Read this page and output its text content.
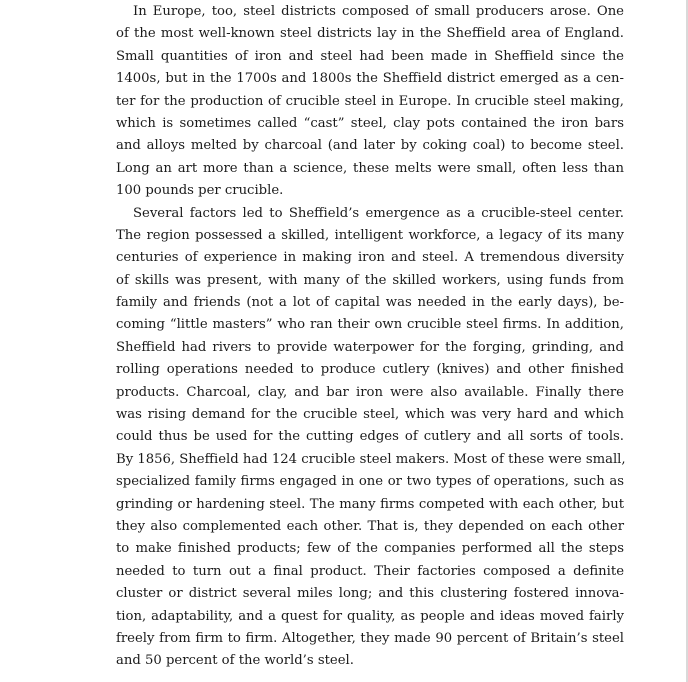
In Europe, too, steel districts composed of small producers arose. One
of the most well-known steel districts lay in the Sheffield area of England.
Small quantities of iron and steel had been made in Sheffield since the
1400s, but in the 1700s and 1800s the Sheffield district emerged as a cen-
ter for the production of crucible steel in Europe. In crucible steel making,
which is sometimes called “cast” steel, clay pots contained the iron bars
and alloys melted by charcoal (and later by coking coal) to become steel.
Long an art more than a science, these melts were small, often less than
100 pounds per crucible.
Several factors led to Sheffield’s emergence as a crucible-steel center.
The region possessed a skilled, intelligent workforce, a legacy of its many
centuries of experience in making iron and steel. A tremendous diversity
of skills was present, with many of the skilled workers, using funds from
family and friends (not a lot of capital was needed in the early days), be-
coming “little masters” who ran their own crucible steel firms. In addition,
Sheffield had rivers to provide waterpower for the forging, grinding, and
rolling operations needed to produce cutlery (knives) and other finished
products. Charcoal, clay, and bar iron were also available. Finally there
was rising demand for the crucible steel, which was very hard and which
could thus be used for the cutting edges of cutlery and all sorts of tools.
By 1856, Sheffield had 124 crucible steel makers. Most of these were small,
specialized family firms engaged in one or two types of operations, such as
grinding or hardening steel. The many firms competed with each other, but
they also complemented each other. That is, they depended on each other
to make finished products; few of the companies performed all the steps
needed to turn out a final product. Their factories composed a definite
cluster or district several miles long; and this clustering fostered innova-
tion, adaptability, and a quest for quality, as people and ideas moved fairly
freely from firm to firm. Altogether, they made 90 percent of Britain’s steel
and 50 percent of the world’s steel.
